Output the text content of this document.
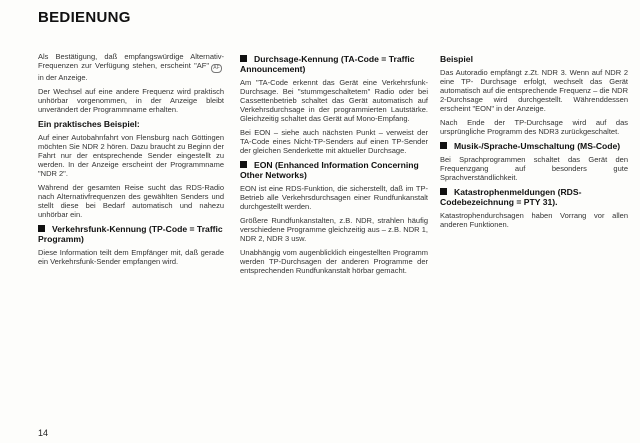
BEDIENUNG

Als Bestätigung, daß empfangswürdige Alternativ-Frequenzen zur Verfügung stehen, erscheint "AF" AF in der Anzeige.

Der Wechsel auf eine andere Frequenz wird praktisch unhörbar vorgenommen, in der Anzeige bleibt unverändert der Programmname erhalten.

Ein praktisches Beispiel:

Auf einer Autobahnfahrt von Flensburg nach Göttingen möchten Sie NDR 2 hören. Dazu braucht zu Beginn der Fahrt nur der entsprechende Sender eingestellt zu werden. In der Anzeige erscheint der Programmname "NDR 2".

Während der gesamten Reise sucht das RDS-Radio nach Alternativfrequenzen des gewählten Senders und stellt diese bei Bedarf automatisch und nahezu unhörbar ein.

Verkehrsfunk-Kennung (TP-Code = Traffic Programm)

Diese Information teilt dem Empfänger mit, daß gerade ein Verkehrsfunk-Sender empfangen wird.

Durchsage-Kennung (TA-Code = Traffic Announcement)

Am "TA-Code erkennt das Gerät eine Verkehrsfunk-Durchsage. Bei "stummgeschaltetem" Radio oder bei Cassettenbetrieb schaltet das Gerät automatisch auf Verkehrsdurchsage in der programmierten Lautstärke. Gleichzeitig schaltet das Gerät auf Mono-Empfang.

Bei EON – siehe auch nächsten Punkt – verweist der TA-Code eines Nicht-TP-Senders auf einen TP-Sender der gleichen Senderkette mit aktueller Durchsage.

EON (Enhanced Information Concerning Other Networks)

EON ist eine RDS-Funktion, die sicherstellt, daß im TP-Betrieb alle Verkehrsdurchsagen einer Rundfunkanstalt durchgestellt werden.

Größere Rundfunkanstalten, z.B. NDR, strahlen häufig verschiedene Programme gleichzeitig aus – z.B. NDR 1, NDR 2, NDR 3 usw.

Unabhängig vom augenblicklich eingestellten Programm werden TP-Durchsagen der anderen Programme der entsprechenden Rundfunkanstalt hörbar gemacht.

Beispiel

Das Autoradio empfängt z.Zt. NDR 3. Wenn auf NDR 2 eine TP- Durchsage erfolgt, wechselt das Gerät automatisch auf die entsprechende Frequenz – die NDR 2-Durchsage wird durchgestellt. Währenddessen erscheint "EON" in der Anzeige.

Nach Ende der TP-Durchsage wird auf das ursprüngliche Programm des NDR3 zurückgeschaltet.

Musik-/Sprache-Umschaltung (MS-Code)

Bei Sprachprogrammen schaltet das Gerät den Frequenzgang auf besonders gute Sprachverständlichkeit.

Katastrophenmeldungen (RDS-Codebezeichnung = PTY 31).

Katastrophendurchsagen haben Vorrang vor allen anderen Funktionen.

14
